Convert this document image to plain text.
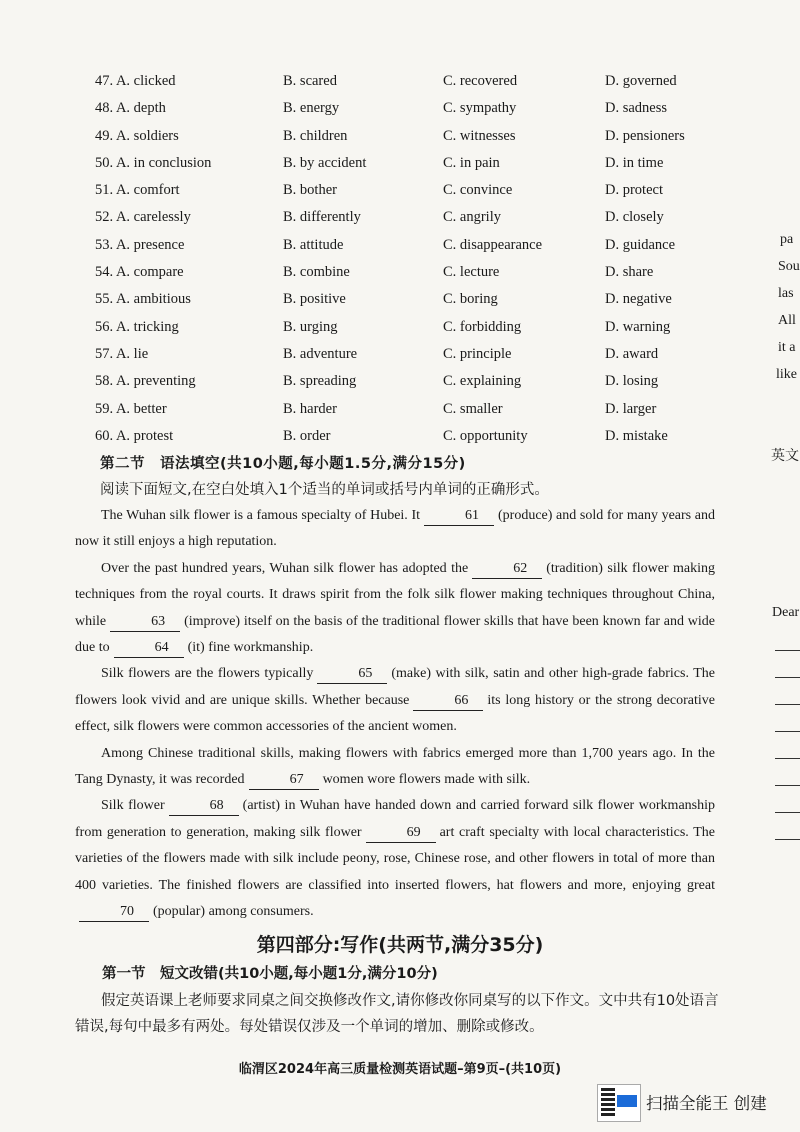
47. A. clicked	B. scared	C. recovered	D. governed
48. A. depth	B. energy	C. sympathy	D. sadness
49. A. soldiers	B. children	C. witnesses	D. pensioners
50. A. in conclusion	B. by accident	C. in pain	D. in time
51. A. comfort	B. bother	C. convince	D. protect
52. A. carelessly	B. differently	C. angrily	D. closely
53. A. presence	B. attitude	C. disappearance	D. guidance
54. A. compare	B. combine	C. lecture	D. share
55. A. ambitious	B. positive	C. boring	D. negative
56. A. tricking	B. urging	C. forbidding	D. warning
57. A. lie	B. adventure	C. principle	D. award
58. A. preventing	B. spreading	C. explaining	D. losing
59. A. better	B. harder	C. smaller	D. larger
60. A. protest	B. order	C. opportunity	D. mistake
第二节　语法填空(共10小题,每小题1.5分,满分15分)
阅读下面短文,在空白处填入1个适当的单词或括号内单词的正确形式。

The Wuhan silk flower is a famous specialty of Hubei. It	61 (produce) and sold for many years and now it still enjoys a high reputation.

Over the past hundred years, Wuhan silk flower has adopted the	62 (tradition) silk flower making techniques from the royal courts. It draws spirit from the folk silk flower making techniques throughout China, while	63 (improve) itself on the basis of the traditional flower skills that have been known far and wide due to	64 (it) fine workmanship.

Silk flowers are the flowers typically	65 (make) with silk, satin and other high-grade fabrics. The flowers look vivid and are unique skills. Whether because	66 its long history or the strong decorative effect, silk flowers were common accessories of the ancient women.

Among Chinese traditional skills, making flowers with fabrics emerged more than 1,700 years ago. In the Tang Dynasty, it was recorded	67 women wore flowers made with silk.

Silk flower	68 (artist) in Wuhan have handed down and carried forward silk flower workmanship from generation to generation, making silk flower	69 art craft specialty with local characteristics. The varieties of the flowers made with silk include peony, rose, Chinese rose, and other flowers in total of more than 400 varieties. The finished flowers are classified into inserted flowers, hat flowers and more, enjoying great70 (popular) among consumers.

第四部分:写作(共两节,满分35分)
第一节　短文改错(共10小题,每小题1分,满分10分)
假定英语课上老师要求同桌之间交换修改作文,请你修改你同桌写的以下作文。文中共有10处语言错误,每句中最多有两处。每处错误仅涉及一个单词的增加、删除或修改。
临渭区2024年高三质量检测英语试题–第9页–(共10页)
pa
Sou
las
All
it a
like
英文
Dear
扫描全能王 创建
